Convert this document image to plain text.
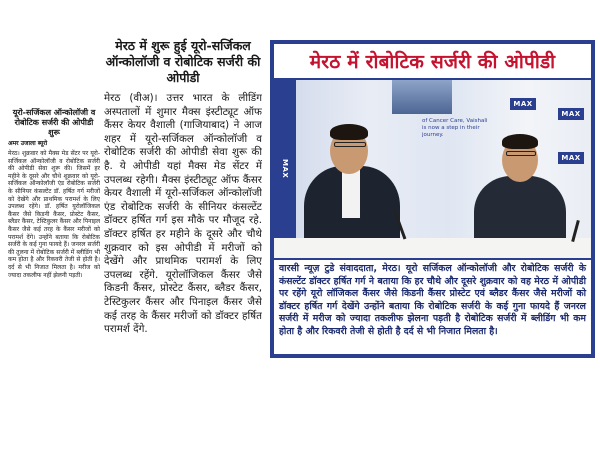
यूरो-सर्जिकल ऑन्कोलॉजी व रोबोटिक सर्जरी की ओपीडी शुरू

अमर उजाला ब्यूरो

मेरठ। शुक्रवार को मैक्स मेड सेंटर पर यूरो-सर्जिकल ऑन्कोलॉजी व रोबोटिक सर्जरी की ओपीडी सेवा शुरू की। जिसमें हर महीने के दूसरे और चौथे शुक्रवार को यूरो-सर्जिकल ऑन्कोलॉजी एंड रोबोटिक सर्जरी के सीनियर कंसल्टेंट डॉ. हर्षित गर्ग मरीजों को देखेंगे और प्राथमिक परामर्श के लिए उपलब्ध रहेंगे। डॉ. हर्षित यूरोलॉजिकल कैंसर जैसे किडनी कैंसर, प्रोस्टेट कैंसर, ब्लैडर कैंसर, टेस्टिकुलर कैंसर और पिनाइल कैंसर जैसे कई तरह के कैंसर मरीजों को परामर्श देंगे। उन्होंने बताया कि रोबोटिक सर्जरी के कई गुना फायदे हैं। जनरल सर्जरी की तुलना में रोबोटिक सर्जरी में ब्लीडिंग भी कम होता है और रिकवरी तेजी से होती है। दर्द से भी निजात मिलता है। मरीज को ज्यादा तकलीफ नहीं झेलनी पड़ती।

मेरठ में शुरू हुई यूरो-सर्जिकल ऑन्कोलॉजी व रोबोटिक सर्जरी की ओपीडी

मेरठ (वीअ)। उत्तर भारत के लीडिंग अस्पतालों में शुमार मैक्स इंस्टीट्यूट ऑफ कैंसर केयर वैशाली (गाजियाबाद) ने आज शहर में यूरो-सर्जिकल ऑन्कोलॉजी व रोबोटिक सर्जरी की ओपीडी सेवा शुरू की है. ये ओपीडी यहां मैक्स मेड सेंटर में उपलब्ध रहेगी। मैक्स इंस्टीट्यूट ऑफ कैंसर केयर वैशाली में यूरो-सर्जिकल ऑन्कोलॉजी एंड रोबोटिक सर्जरी के सीनियर कंसल्टेंट डॉक्टर हर्षित गर्ग इस मौके पर मौजूद रहे. डॉक्टर हर्षित हर महीने के दूसरे और चौथे शुक्रवार को इस ओपीडी में मरीजों को देखेंगे और प्राथमिक परामर्श के लिए उपलब्ध रहेंगे. यूरोलॉजिकल कैंसर जैसे किडनी कैंसर, प्रोस्टेट कैंसर, ब्लैडर कैंसर, टेस्टिकुलर कैंसर और पिनाइल कैंसर जैसे कई तरह के कैंसर मरीजों को डॉक्टर हर्षित परामर्श देंगे.

मेरठ में रोबोटिक सर्जरी की ओपीडी
MAX
MAX
MAX
MAX
of Cancer Care, Vaishali is now a step in their journey.

वारसी न्यूज़ टुडे संवाददाता, मेरठ। यूरो सर्जिकल ऑन्कोलॉजी और रोबोटिक सर्जरी के कंसल्टेंट डॉक्टर हर्षित गर्ग ने बताया कि हर चौथे और दूसरे शुक्रवार को वह मेरठ में ओपीडी पर रहेंगे यूरो लॉजिकल कैंसर जैसे किडनी कैंसर प्रोस्टेट एवं ब्लैडर कैंसर जैसे मरीजों को डॉक्टर हर्षित गर्ग देखेंगे उन्होंने बताया कि रोबोटिक सर्जरी के कई गुना फायदे हैं जनरल सर्जरी में मरीज को ज्यादा तकलीफ झेलना पड़ती है रोबोटिक सर्जरी में ब्लीडिंग भी कम होता है और रिकवरी तेजी से होती है दर्द से भी निजात मिलता है।
